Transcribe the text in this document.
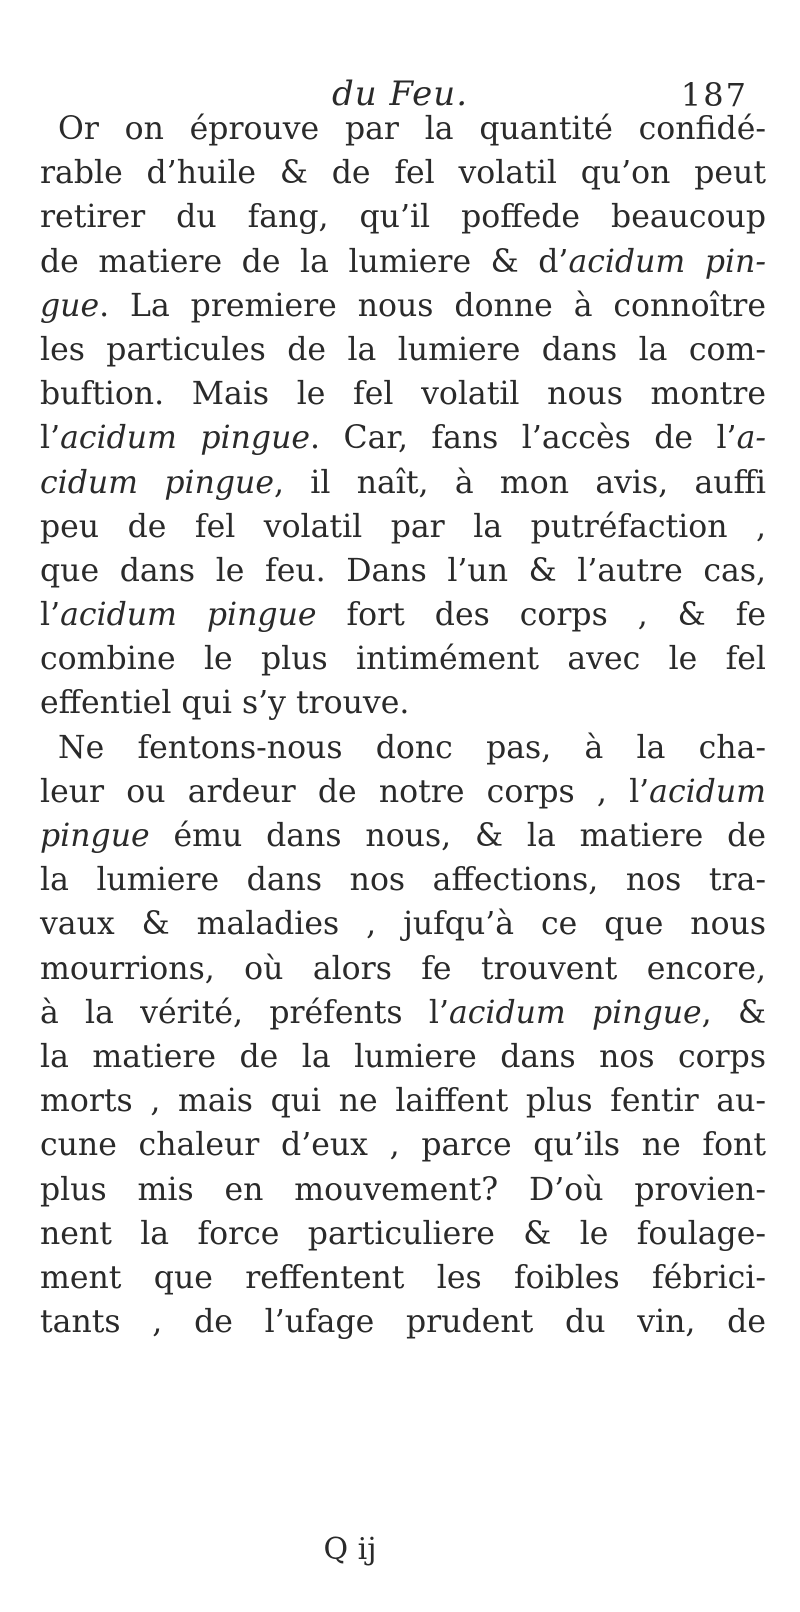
du Feu.	187
Or on éprouve par la quantité confidé-
rable d’huile & de fel volatil qu’on peut
retirer du fang, qu’il poffede beaucoup
de matiere de la lumiere & d’acidum pin-
gue. La premiere nous donne à connoître
les particules de la lumiere dans la com-
buftion. Mais le fel volatil nous montre
l’acidum pingue. Car, fans l’accès de l’a-
cidum pingue, il naît, à mon avis, auffi
peu de fel volatil par la putréfaction ,
que dans le feu. Dans l’un & l’autre cas,
l’acidum pingue fort des corps , & fe
combine le plus intimément avec le fel
effentiel qui s’y trouve.
Ne fentons-nous donc pas, à la cha-
leur ou ardeur de notre corps , l’acidum
pingue ému dans nous, & la matiere de
la lumiere dans nos affections, nos tra-
vaux & maladies , jufqu’à ce que nous
mourrions, où alors fe trouvent encore,
à la vérité, préfents l’acidum pingue, &
la matiere de la lumiere dans nos corps
morts , mais qui ne laiffent plus fentir au-
cune chaleur d’eux , parce qu’ils ne font
plus mis en mouvement? D’où provien-
nent la force particuliere & le foulage-
ment que reffentent les foibles fébrici-
tants , de l’ufage prudent du vin, de
Q ij
